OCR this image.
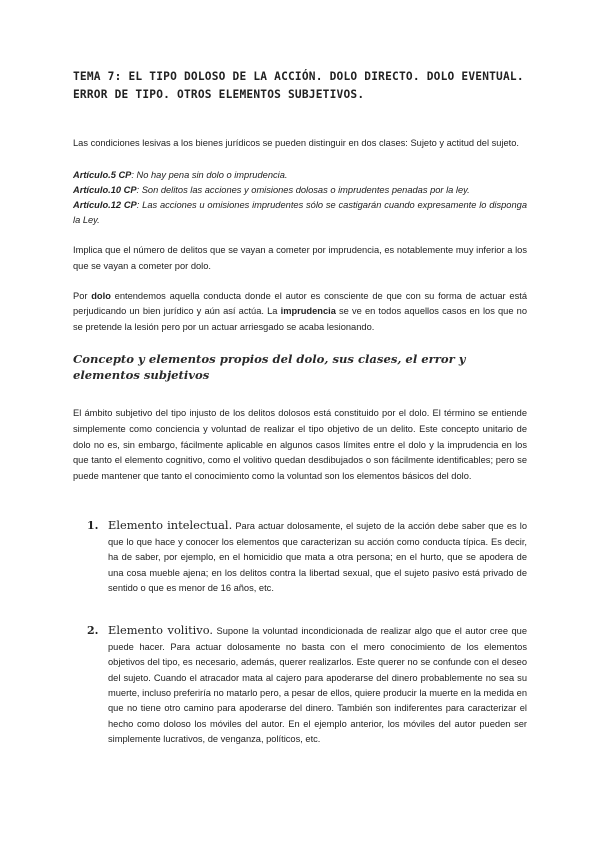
TEMA 7: EL TIPO DOLOSO DE LA ACCIÓN. DOLO DIRECTO. DOLO EVENTUAL. ERROR DE TIPO. OTROS ELEMENTOS SUBJETIVOS.

Las condiciones lesivas a los bienes jurídicos se pueden distinguir en dos clases: Sujeto y actitud del sujeto.

Artículo.5 CP: No hay pena sin dolo o imprudencia.

Artículo.10 CP: Son delitos las acciones y omisiones dolosas o imprudentes penadas por la ley.

Artículo.12 CP: Las acciones u omisiones imprudentes sólo se castigarán cuando expresamente lo disponga la Ley.

Implica que el número de delitos que se vayan a cometer por imprudencia, es notablemente muy inferior a los que se vayan a cometer por dolo.

Por dolo entendemos aquella conducta donde el autor es consciente de que con su forma de actuar está perjudicando un bien jurídico y aún así actúa. La imprudencia se ve en todos aquellos casos en los que no se pretende la lesión pero por un actuar arriesgado se acaba lesionando.

Concepto y elementos propios del dolo, sus clases, el error y elementos subjetivos

El ámbito subjetivo del tipo injusto de los delitos dolosos está constituido por el dolo. El término se entiende simplemente como conciencia y voluntad de realizar el tipo objetivo de un delito. Este concepto unitario de dolo no es, sin embargo, fácilmente aplicable en algunos casos límites entre el dolo y la imprudencia en los que tanto el elemento cognitivo, como el volitivo quedan desdibujados o son fácilmente identificables; pero se puede mantener que tanto el conocimiento como la voluntad son los elementos básicos del dolo.

1. Elemento intelectual. Para actuar dolosamente, el sujeto de la acción debe saber que es lo que lo que hace y conocer los elementos que caracterizan su acción como conducta típica. Es decir, ha de saber, por ejemplo, en el homicidio que mata a otra persona; en el hurto, que se apodera de una cosa mueble ajena; en los delitos contra la libertad sexual, que el sujeto pasivo está privado de sentido o que es menor de 16 años, etc.

2. Elemento volitivo. Supone la voluntad incondicionada de realizar algo que el autor cree que puede hacer. Para actuar dolosamente no basta con el mero conocimiento de los elementos objetivos del tipo, es necesario, además, querer realizarlos. Este querer no se confunde con el deseo del sujeto. Cuando el atracador mata al cajero para apoderarse del dinero probablemente no sea su muerte, incluso preferiría no matarlo pero, a pesar de ellos, quiere producir la muerte en la medida en que no tiene otro camino para apoderarse del dinero. También son indiferentes para caracterizar el hecho como doloso los móviles del autor. En el ejemplo anterior, los móviles del autor pueden ser simplemente lucrativos, de venganza, políticos, etc.
